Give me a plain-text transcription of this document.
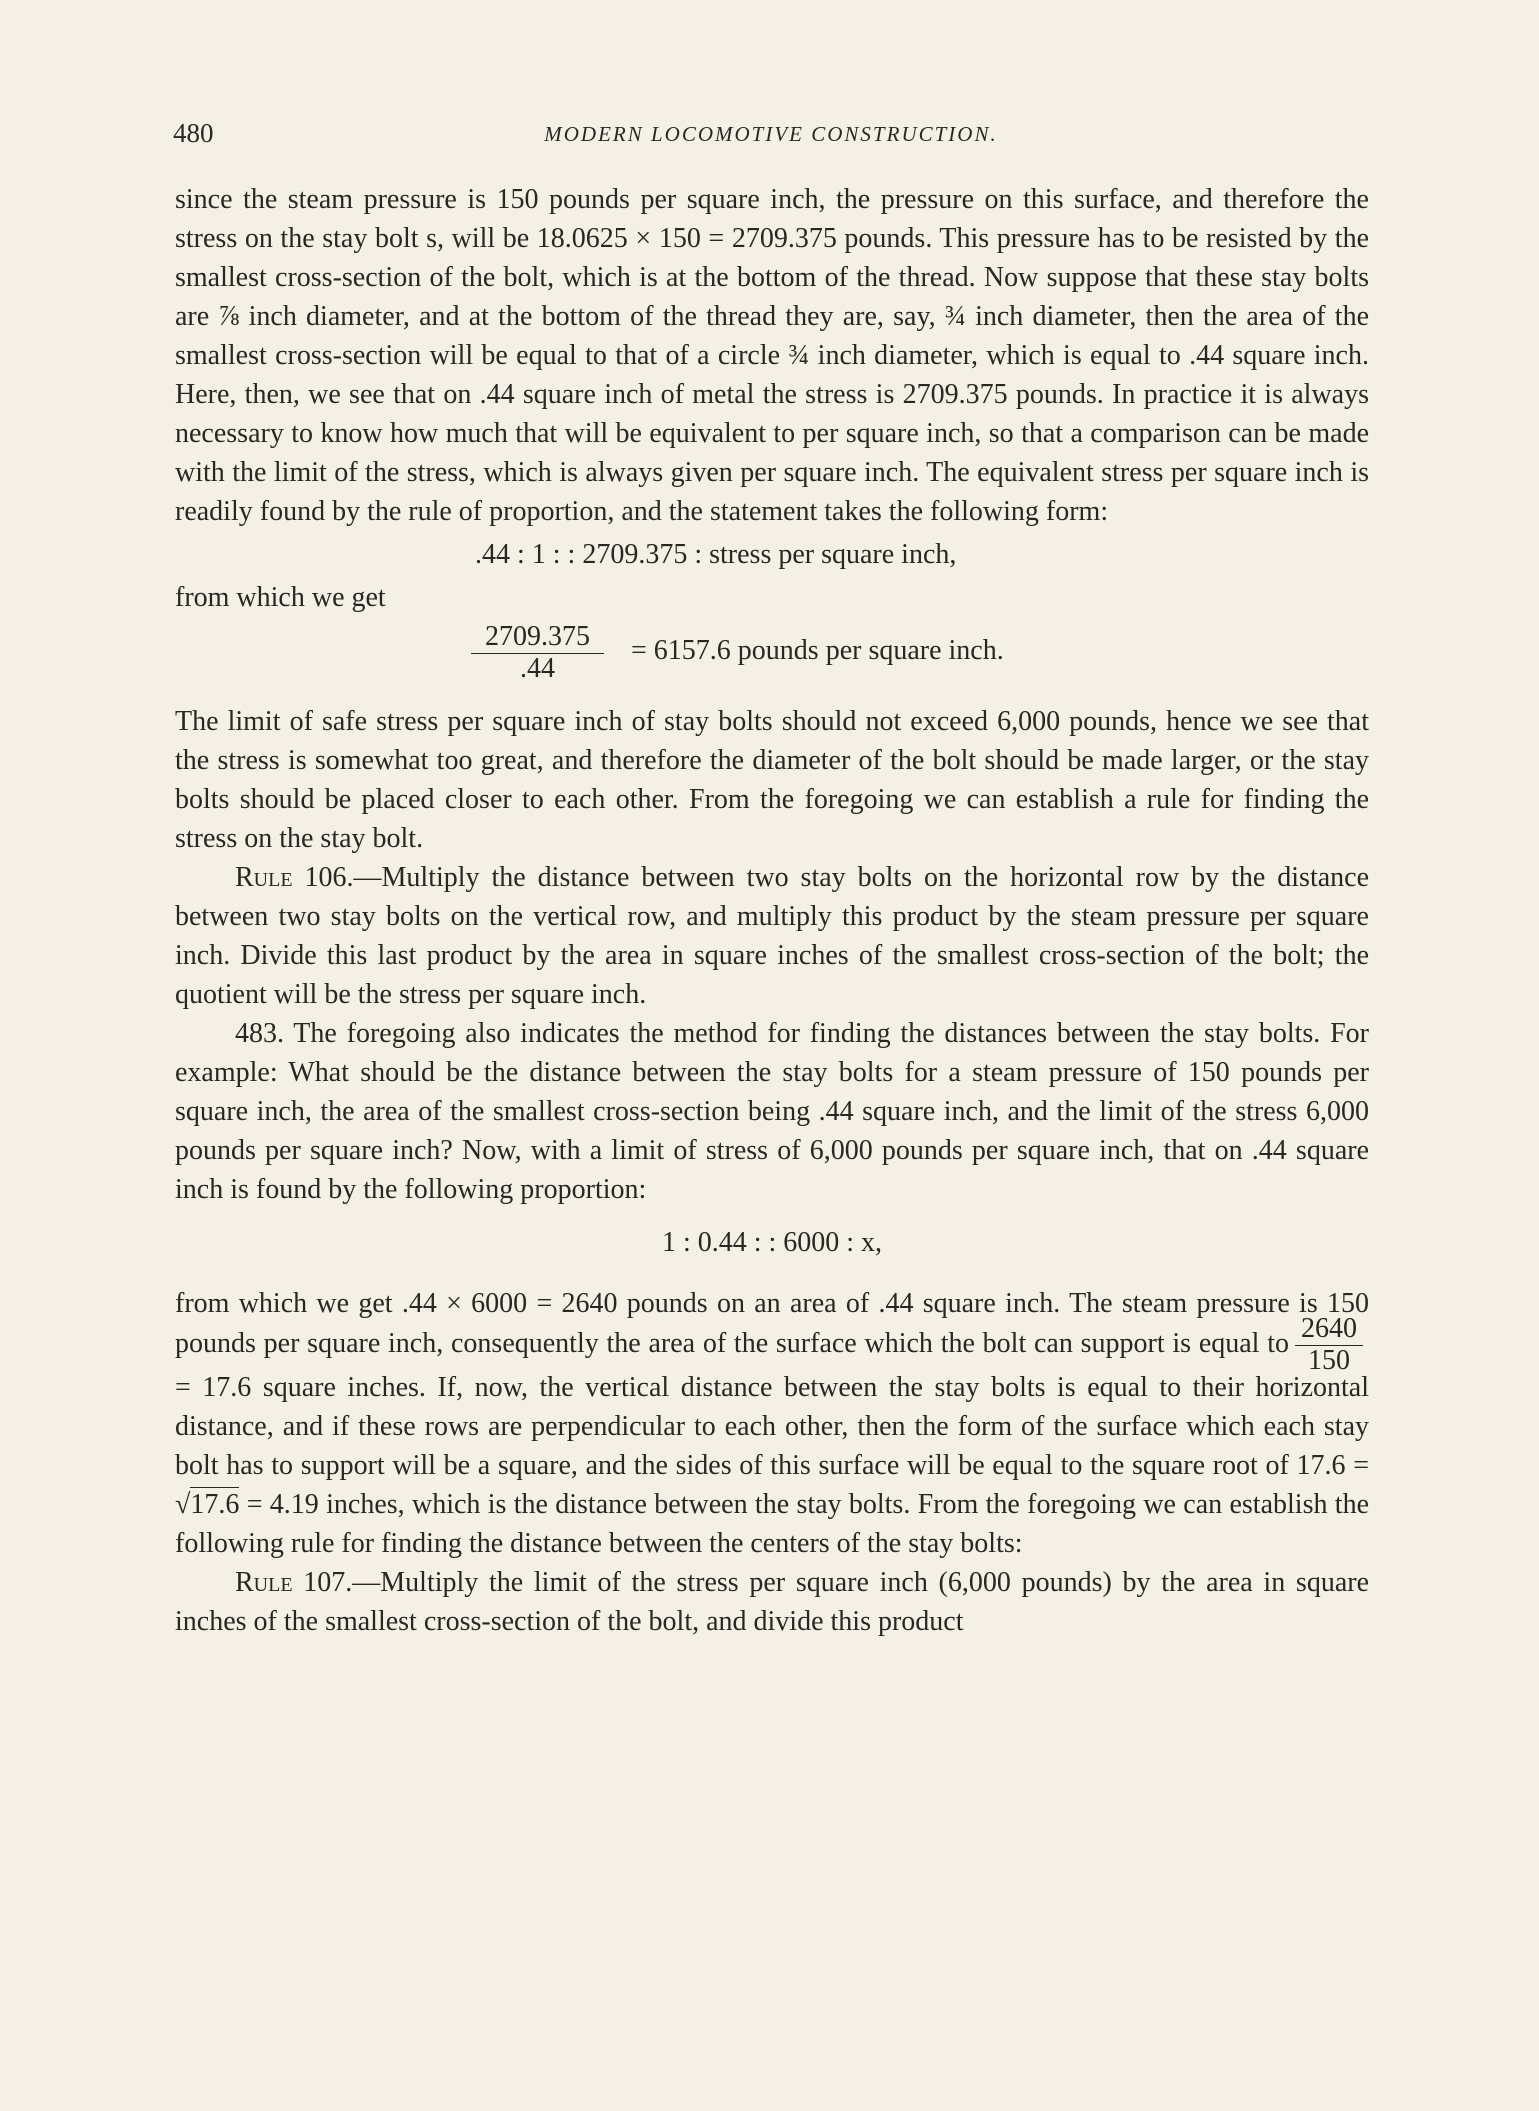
480	MODERN LOCOMOTIVE CONSTRUCTION.

since the steam pressure is 150 pounds per square inch, the pressure on this surface, and therefore the stress on the stay bolt s, will be 18.0625 × 150 = 2709.375 pounds. This pressure has to be resisted by the smallest cross-section of the bolt, which is at the bottom of the thread. Now suppose that these stay bolts are ⅞ inch diameter, and at the bottom of the thread they are, say, ¾ inch diameter, then the area of the smallest cross-section will be equal to that of a circle ¾ inch diameter, which is equal to .44 square inch. Here, then, we see that on .44 square inch of metal the stress is 2709.375 pounds. In practice it is always necessary to know how much that will be equivalent to per square inch, so that a comparison can be made with the limit of the stress, which is always given per square inch. The equivalent stress per square inch is readily found by the rule of proportion, and the statement takes the following form:

.44 : 1 : : 2709.375 : stress per square inch,

from which we get

$\frac{2709.375}{.44} = 6157.6$ pounds per square inch.

The limit of safe stress per square inch of stay bolts should not exceed 6,000 pounds, hence we see that the stress is somewhat too great, and therefore the diameter of the bolt should be made larger, or the stay bolts should be placed closer to each other. From the foregoing we can establish a rule for finding the stress on the stay bolt.

Rule 106.—Multiply the distance between two stay bolts on the horizontal row by the distance between two stay bolts on the vertical row, and multiply this product by the steam pressure per square inch. Divide this last product by the area in square inches of the smallest cross-section of the bolt; the quotient will be the stress per square inch.

483. The foregoing also indicates the method for finding the distances between the stay bolts. For example: What should be the distance between the stay bolts for a steam pressure of 150 pounds per square inch, the area of the smallest cross-section being .44 square inch, and the limit of the stress 6,000 pounds per square inch? Now, with a limit of stress of 6,000 pounds per square inch, that on .44 square inch is found by the following proportion:

1 : 0.44 : : 6000 : x,

from which we get .44 × 6000 = 2640 pounds on an area of .44 square inch. The steam pressure is 150 pounds per square inch, consequently the area of the surface which the bolt can support is equal to $\frac{2640}{150}$
= 17.6 square inches. If, now, the vertical distance between the stay bolts is equal to their horizontal distance, and if these rows are perpendicular to each other, then the form of the surface which each stay bolt has to support will be a square, and the sides of this surface will be equal to the square root of 17.6 = √17.6 = 4.19 inches, which is the distance between the stay bolts. From the foregoing we can establish the following rule for finding the distance between the centers of the stay bolts:

Rule 107.—Multiply the limit of the stress per square inch (6,000 pounds) by the area in square inches of the smallest cross-section of the bolt, and divide this product
